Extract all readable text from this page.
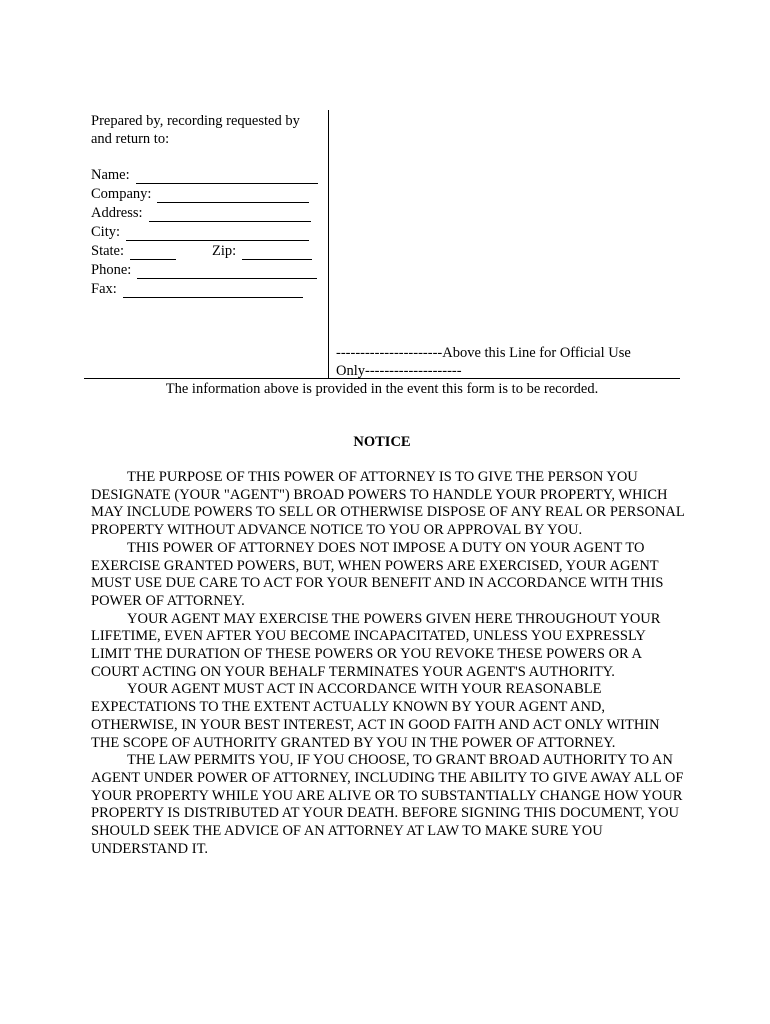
Prepared by, recording requested by
and return to:
Name:
Company:
Address:
City:
State:	Zip:
Phone:
Fax:
----------------------Above this Line for Official Use
Only--------------------
The information above is provided in the event this form is to be recorded.
NOTICE

THE PURPOSE OF THIS POWER OF ATTORNEY IS TO GIVE THE PERSON YOU DESIGNATE (YOUR "AGENT") BROAD POWERS TO HANDLE YOUR PROPERTY, WHICH MAY INCLUDE POWERS TO SELL OR OTHERWISE DISPOSE OF ANY REAL OR PERSONAL PROPERTY WITHOUT ADVANCE NOTICE TO YOU OR APPROVAL BY YOU.

THIS POWER OF ATTORNEY DOES NOT IMPOSE A DUTY ON YOUR AGENT TO EXERCISE GRANTED POWERS, BUT, WHEN POWERS ARE EXERCISED, YOUR AGENT MUST USE DUE CARE TO ACT FOR YOUR BENEFIT AND IN ACCORDANCE WITH THIS POWER OF ATTORNEY.

YOUR AGENT MAY EXERCISE THE POWERS GIVEN HERE THROUGHOUT YOUR LIFETIME, EVEN AFTER YOU BECOME INCAPACITATED, UNLESS YOU EXPRESSLY LIMIT THE DURATION OF THESE POWERS OR YOU REVOKE THESE POWERS OR A COURT ACTING ON YOUR BEHALF TERMINATES YOUR AGENT'S AUTHORITY.

YOUR AGENT MUST ACT IN ACCORDANCE WITH YOUR REASONABLE EXPECTATIONS TO THE EXTENT ACTUALLY KNOWN BY YOUR AGENT AND, OTHERWISE, IN YOUR BEST INTEREST, ACT IN GOOD FAITH AND ACT ONLY WITHIN THE SCOPE OF AUTHORITY GRANTED BY YOU IN THE POWER OF ATTORNEY.

THE LAW PERMITS YOU, IF YOU CHOOSE, TO GRANT BROAD AUTHORITY TO AN AGENT UNDER POWER OF ATTORNEY, INCLUDING THE ABILITY TO GIVE AWAY ALL OF YOUR PROPERTY WHILE YOU ARE ALIVE OR TO SUBSTANTIALLY CHANGE HOW YOUR PROPERTY IS DISTRIBUTED AT YOUR DEATH. BEFORE SIGNING THIS DOCUMENT, YOU SHOULD SEEK THE ADVICE OF AN ATTORNEY AT LAW TO MAKE SURE YOU UNDERSTAND IT.
